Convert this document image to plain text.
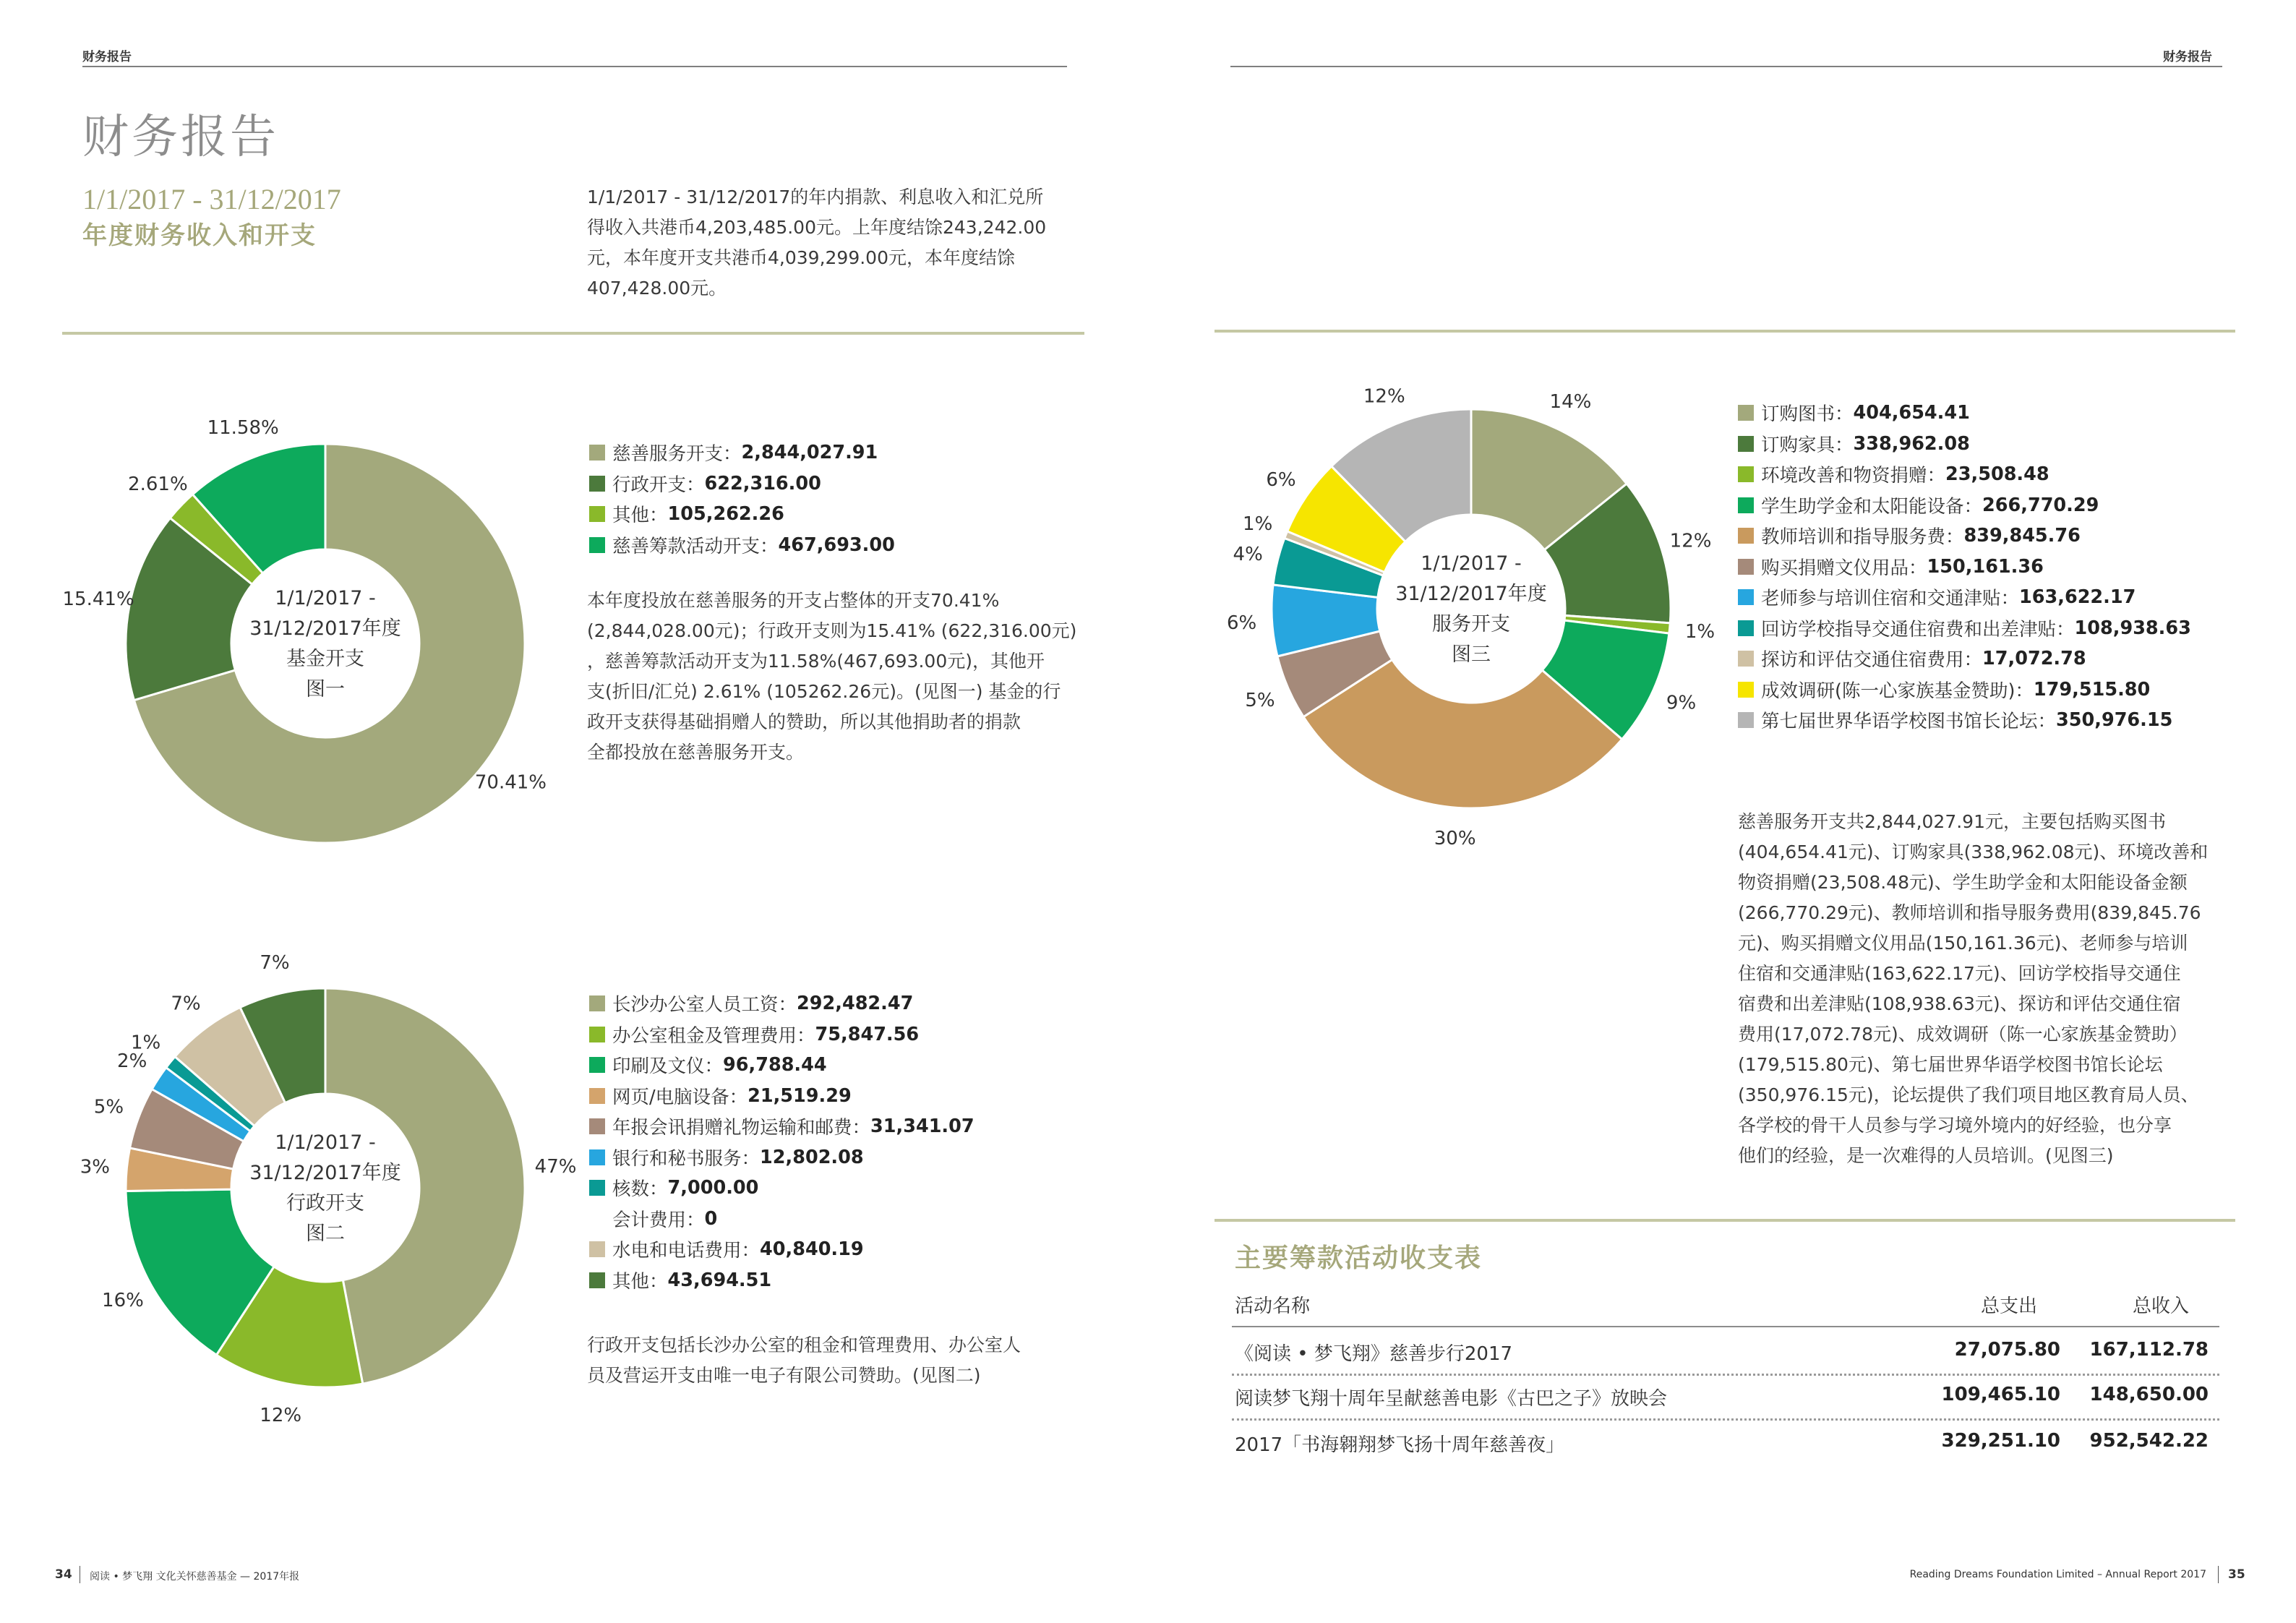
财务报告
财务报告
1/1/2017 - 31/12/2017
年度财务收入和开支
1/1/2017 - 31/12/2017的年内捐款、利息收入和汇兑所
得收入共港币4,203,485.00元。上年度结馀243,242.00
元，本年度开支共港币4,039,299.00元，本年度结馀
407,428.00元。
70.41%
15.41%
2.61%
11.58%
1/1/2017 -
31/12/2017年度
基金开支
图一
慈善服务开支 ： 2,844,027.91
行政开支 ： 622,316.00
其他 ： 105,262.26
慈善筹款活动开支 ： 467,693.00
本年度投放在慈善服务的开支占整体的开支70.41%
(2,844,028.00元)；行政开支则为15.41% (622,316.00元)
，慈善筹款活动开支为11.58%(467,693.00元)，其他开
支(折旧/汇兑) 2.61% (105262.26元)。(见图一) 基金的行
政开支获得基础捐赠人的赞助，所以其他捐助者的捐款
全都投放在慈善服务开支。
47%
12%
16%
3%
5%
2%
1%
7%
7%
1/1/2017 -
31/12/2017年度
行政开支
图二
长沙办公室人员工资 ： 292,482.47
办公室租金及管理费用 ： 75,847.56
印刷及文仪 ： 96,788.44
网页/电脑设备 ： 21,519.29
年报会讯捐赠礼物运输和邮费 ： 31,341.07
银行和秘书服务 ： 12,802.08
核数 ： 7,000.00
会计费用 ： 0
水电和电话费用 ： 40,840.19
其他 ： 43,694.51
行政开支包括长沙办公室的租金和管理费用、办公室人
员及营运开支由唯一电子有限公司赞助。(见图二)
财务报告
14%
12%
1%
9%
30%
5%
6%
4%
1%
6%
12%
1/1/2017 -
31/12/2017年度
服务开支
图三
订购图书 ： 404,654.41
订购家具 ： 338,962.08
环境改善和物资捐赠 ： 23,508.48
学生助学金和太阳能设备 ： 266,770.29
教师培训和指导服务费 ： 839,845.76
购买捐赠文仪用品 ： 150,161.36
老师参与培训住宿和交通津贴 ： 163,622.17
回访学校指导交通住宿费和出差津贴 ： 108,938.63
探访和评估交通住宿费用 ： 17,072.78
成效调研(陈一心家族基金赞助) ： 179,515.80
第七届世界华语学校图书馆长论坛 ： 350,976.15
慈善服务开支共2,844,027.91元，主要包括购买图书
(404,654.41元)、订购家具(338,962.08元)、环境改善和
物资捐赠(23,508.48元)、学生助学金和太阳能设备金额
(266,770.29元)、教师培训和指导服务费用(839,845.76
元)、购买捐赠文仪用品(150,161.36元)、老师参与培训
住宿和交通津贴(163,622.17元)、回访学校指导交通住
宿费和出差津贴(108,938.63元)、探访和评估交通住宿
费用(17,072.78元)、成效调研（陈一心家族基金赞助）
(179,515.80元)、第七届世界华语学校图书馆长论坛
(350,976.15元)，论坛提供了我们项目地区教育局人员、
各学校的骨干人员参与学习境外境内的好经验，也分享
他们的经验，是一次难得的人员培训。(见图三)
主要筹款活动收支表
活动名称	总支出	总收入
《阅读 • 梦飞翔》慈善步行2017	27,075.80	167,112.78
阅读梦飞翔十周年呈献慈善电影《古巴之子》放映会	109,465.10	148,650.00
2017「书海翱翔梦飞扬十周年慈善夜」	329,251.10	952,542.22
34 阅读 • 梦飞翔 文化关怀慈善基金 — 2017年报	Reading Dreams Foundation Limited – Annual Report 2017 35
